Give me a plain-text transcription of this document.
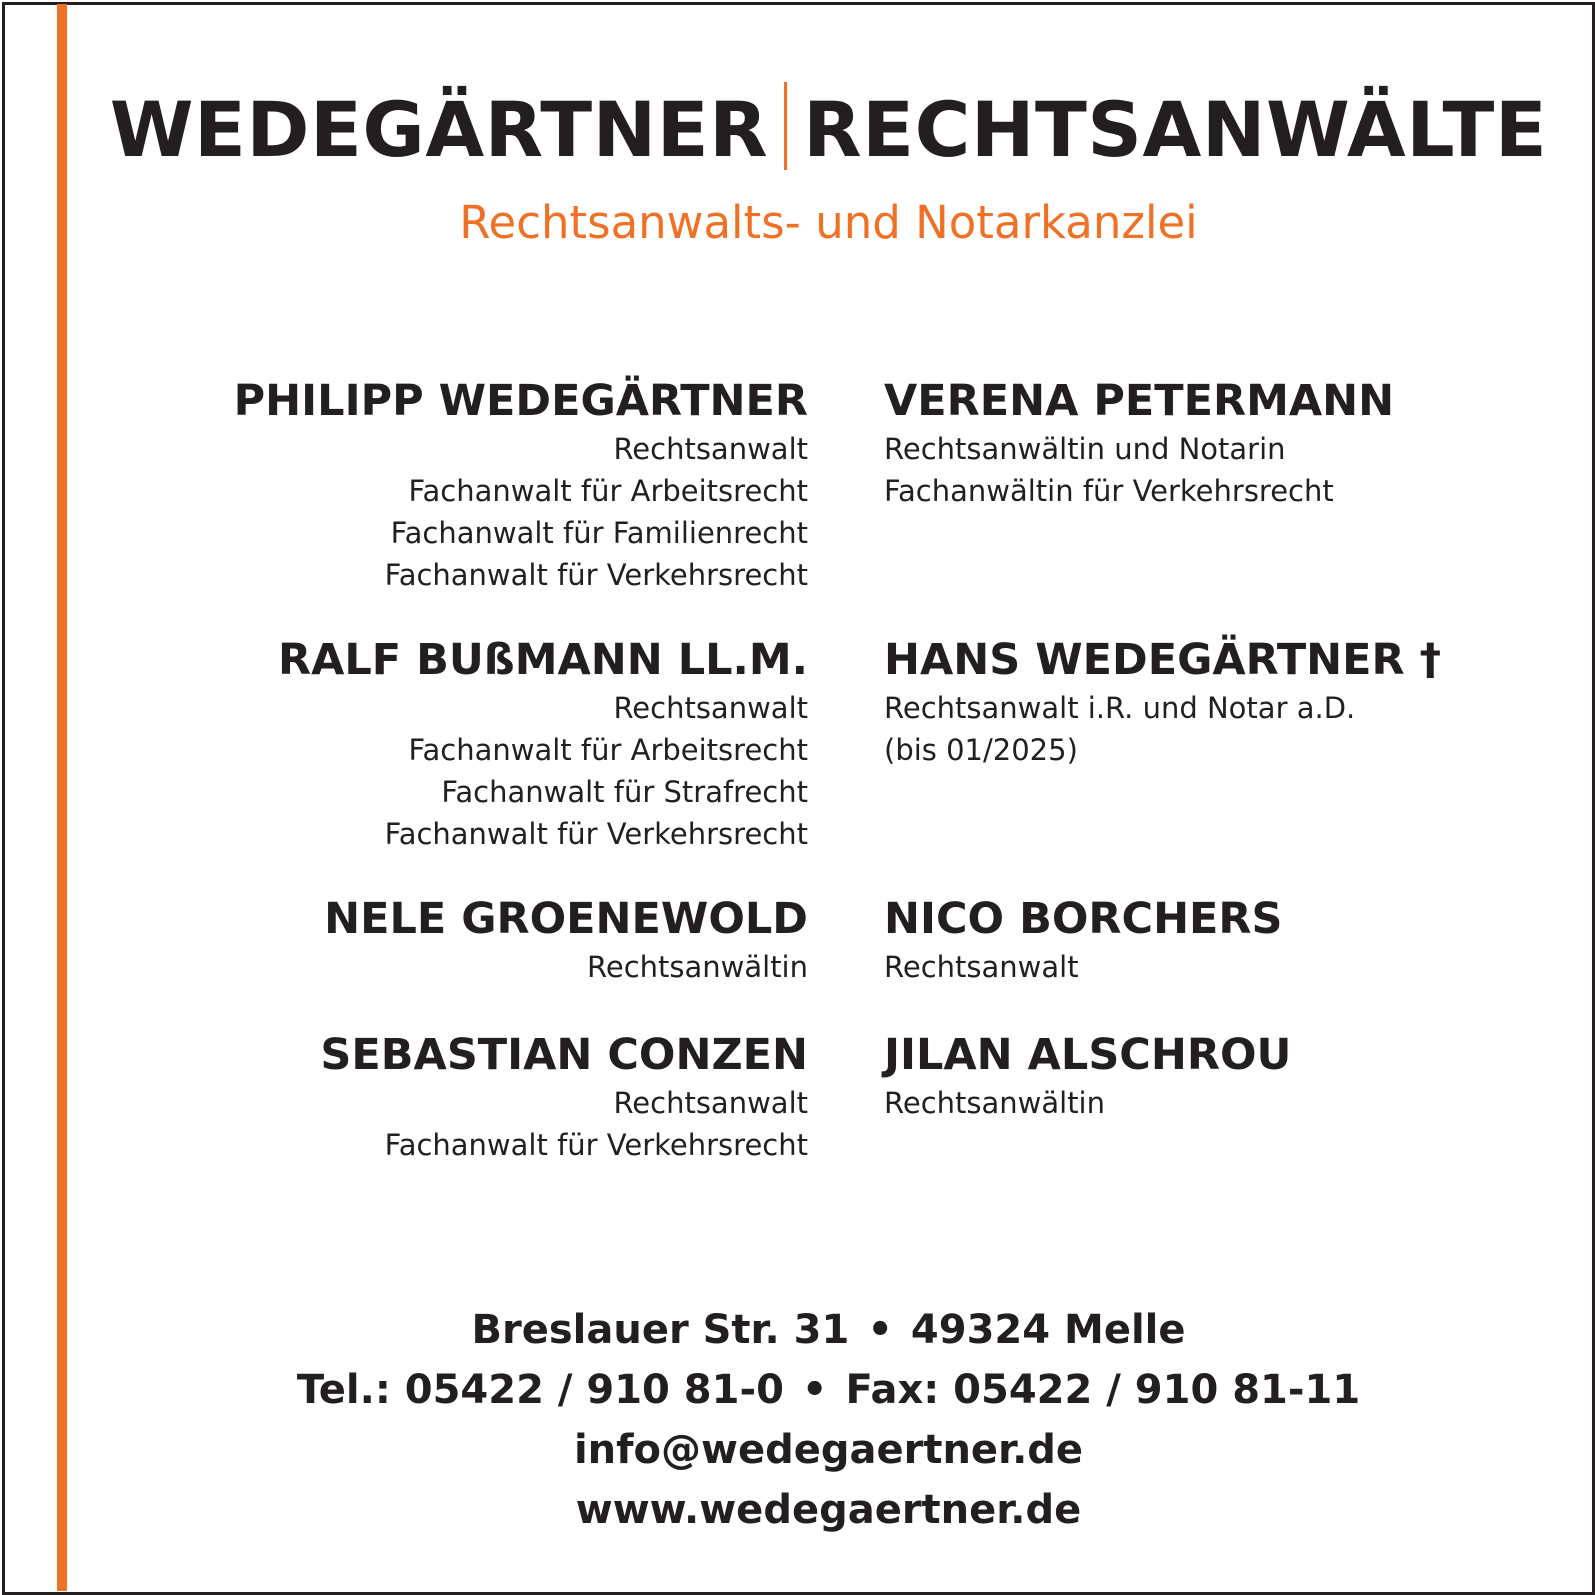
WEDEGÄRTNER RECHTSANWÄLTE
Rechtsanwalts- und Notarkanzlei
PHILIPP WEDEGÄRTNER
Rechtsanwalt
Fachanwalt für Arbeitsrecht
Fachanwalt für Familienrecht
Fachanwalt für Verkehrsrecht
RALF BUßMANN LL.M.
Rechtsanwalt
Fachanwalt für Arbeitsrecht
Fachanwalt für Strafrecht
Fachanwalt für Verkehrsrecht
NELE GROENEWOLD
Rechtsanwältin
SEBASTIAN CONZEN
Rechtsanwalt
Fachanwalt für Verkehrsrecht
VERENA PETERMANN
Rechtsanwältin und Notarin
Fachanwältin für Verkehrsrecht
HANS WEDEGÄRTNER †
Rechtsanwalt i.R. und Notar a.D.
(bis 01/2025)
NICO BORCHERS
Rechtsanwalt
JILAN ALSCHROU
Rechtsanwältin
Breslauer Str. 31 • 49324 Melle
Tel.: 05422 / 910 81-0 • Fax: 05422 / 910 81-11
info@wedegaertner.de
www.wedegaertner.de
